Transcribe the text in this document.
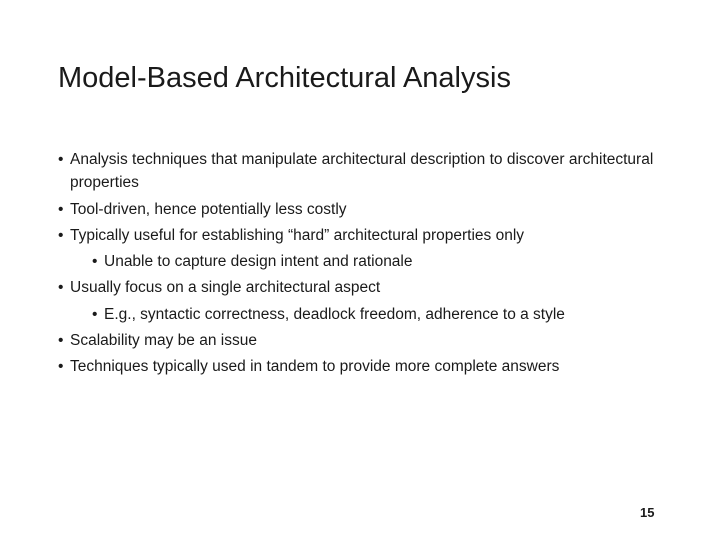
Model-Based Architectural Analysis
• Analysis techniques that manipulate architectural description to discover architectural properties
• Tool-driven, hence potentially less costly
• Typically useful for establishing “hard” architectural properties only
• Unable to capture design intent and rationale
• Usually focus on a single architectural aspect
• E.g., syntactic correctness, deadlock freedom, adherence to a style
• Scalability may be an issue
• Techniques typically used in tandem to provide more complete answers
15
